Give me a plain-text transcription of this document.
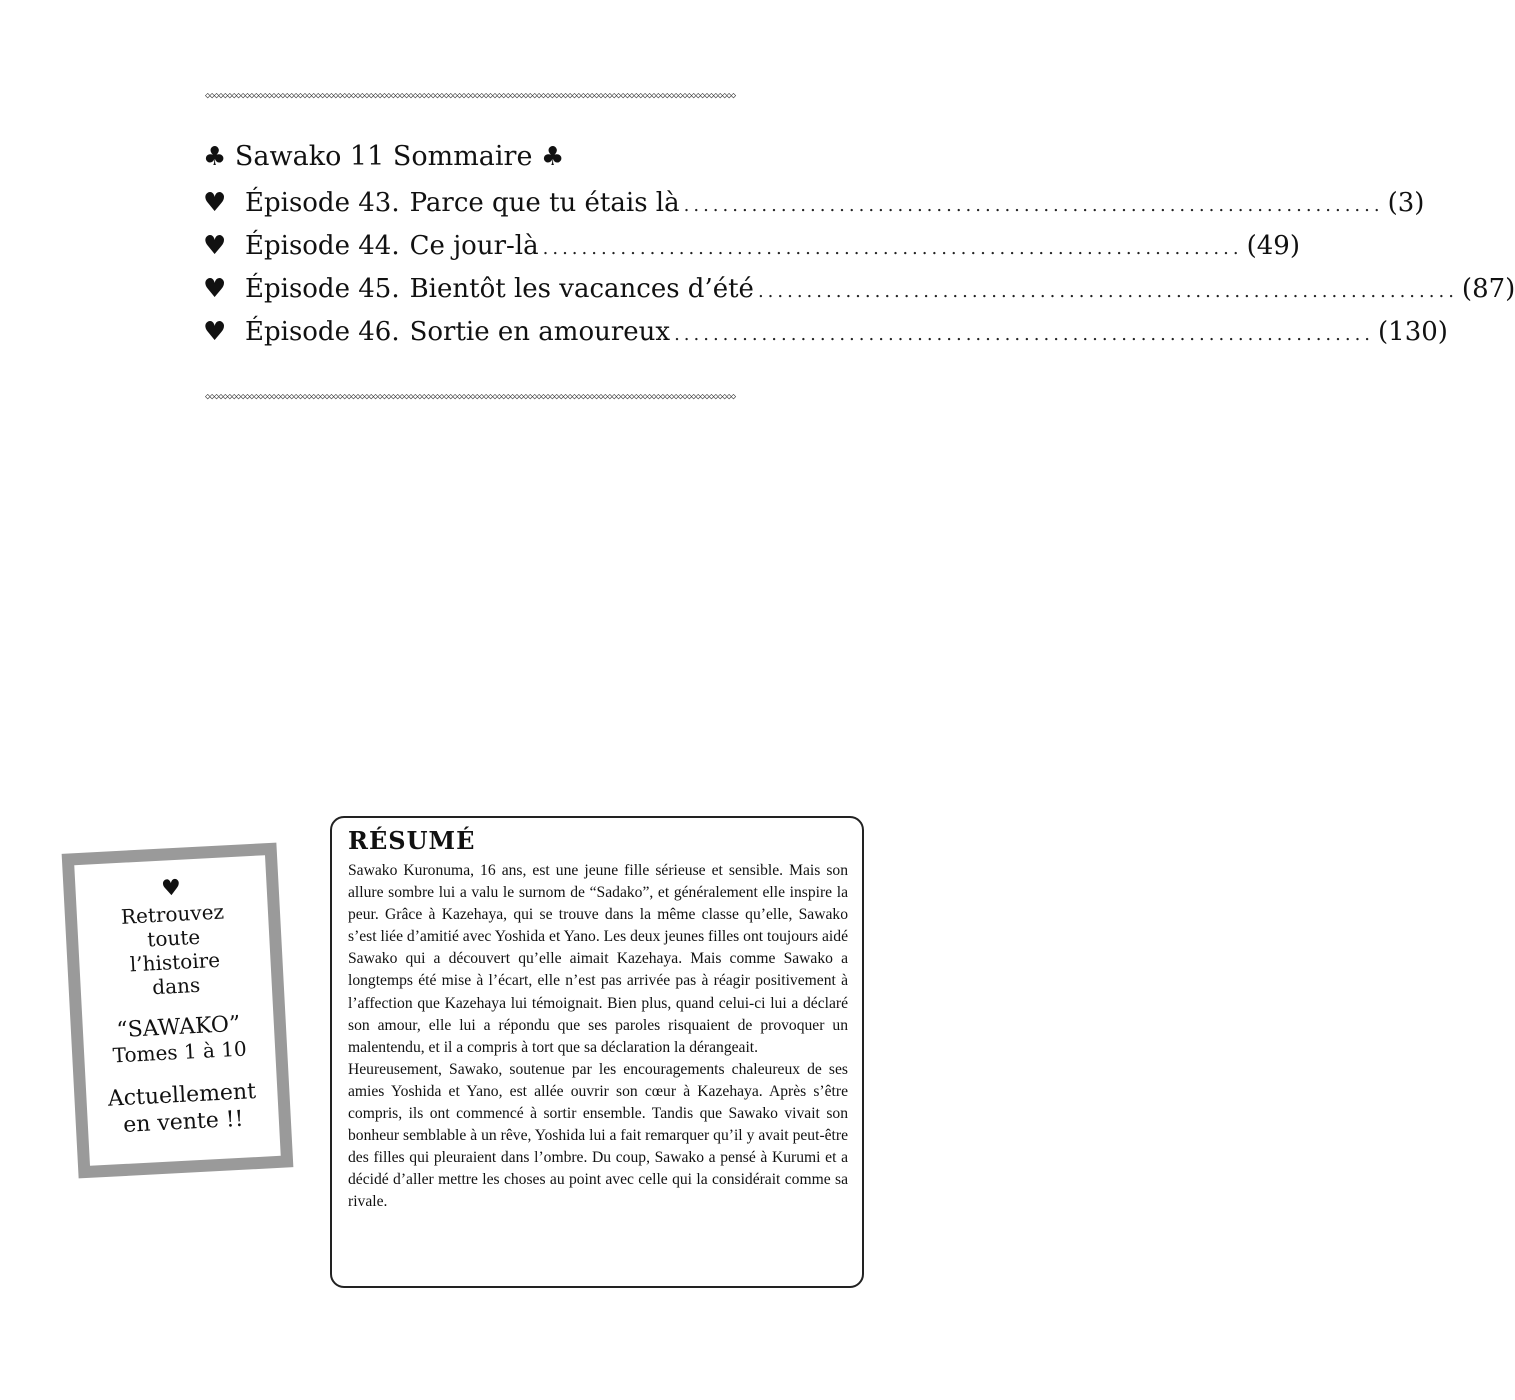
◇◇◇◇◇◇◇◇◇◇◇◇◇◇◇◇◇◇◇◇◇◇◇◇◇◇◇◇◇◇◇◇◇◇◇◇◇◇◇◇◇◇◇◇◇◇◇◇◇◇◇◇◇◇◇◇◇◇◇◇◇◇◇◇◇◇◇◇◇◇◇◇◇◇◇◇◇◇◇◇◇◇◇◇◇◇◇◇◇◇◇◇◇◇◇◇◇◇◇◇◇◇◇◇◇◇◇◇◇◇◇◇◇◇◇◇◇◇◇◇
♣ Sawako 11 Sommaire ♣
♥ Épisode 43. Parce que tu étais là ........................................................................ (3)
♥ Épisode 44. Ce jour-là ........................................................................ (49)
♥ Épisode 45. Bientôt les vacances d’été ........................................................................ (87)
♥ Épisode 46. Sortie en amoureux ........................................................................ (130)
◇◇◇◇◇◇◇◇◇◇◇◇◇◇◇◇◇◇◇◇◇◇◇◇◇◇◇◇◇◇◇◇◇◇◇◇◇◇◇◇◇◇◇◇◇◇◇◇◇◇◇◇◇◇◇◇◇◇◇◇◇◇◇◇◇◇◇◇◇◇◇◇◇◇◇◇◇◇◇◇◇◇◇◇◇◇◇◇◇◇◇◇◇◇◇◇◇◇◇◇◇◇◇◇◇◇◇◇◇◇◇◇◇◇◇◇◇◇◇◇
♥
Retrouvez
toute
l’histoire
dans
“SAWAKO”
Tomes 1 à 10
Actuellement
en vente !!
RÉSUMÉ

Sawako Kuronuma, 16 ans, est une jeune fille sérieuse et sensible. Mais son allure sombre lui a valu le surnom de “Sadako”, et généralement elle inspire la peur. Grâce à Kazehaya, qui se trouve dans la même classe qu’elle, Sawako s’est liée d’amitié avec Yoshida et Yano. Les deux jeunes filles ont toujours aidé Sawako qui a découvert qu’elle aimait Kazehaya. Mais comme Sawako a longtemps été mise à l’écart, elle n’est pas arrivée pas à réagir positivement à l’affection que Kazehaya lui témoignait. Bien plus, quand celui-ci lui a déclaré son amour, elle lui a répondu que ses paroles risquaient de provoquer un malentendu, et il a compris à tort que sa déclaration la dérangeait.

Heureusement, Sawako, soutenue par les encouragements chaleureux de ses amies Yoshida et Yano, est allée ouvrir son cœur à Kazehaya. Après s’être compris, ils ont commencé à sortir ensemble. Tandis que Sawako vivait son bonheur semblable à un rêve, Yoshida lui a fait remarquer qu’il y avait peut-être des filles qui pleuraient dans l’ombre. Du coup, Sawako a pensé à Kurumi et a décidé d’aller mettre les choses au point avec celle qui la considérait comme sa rivale.
